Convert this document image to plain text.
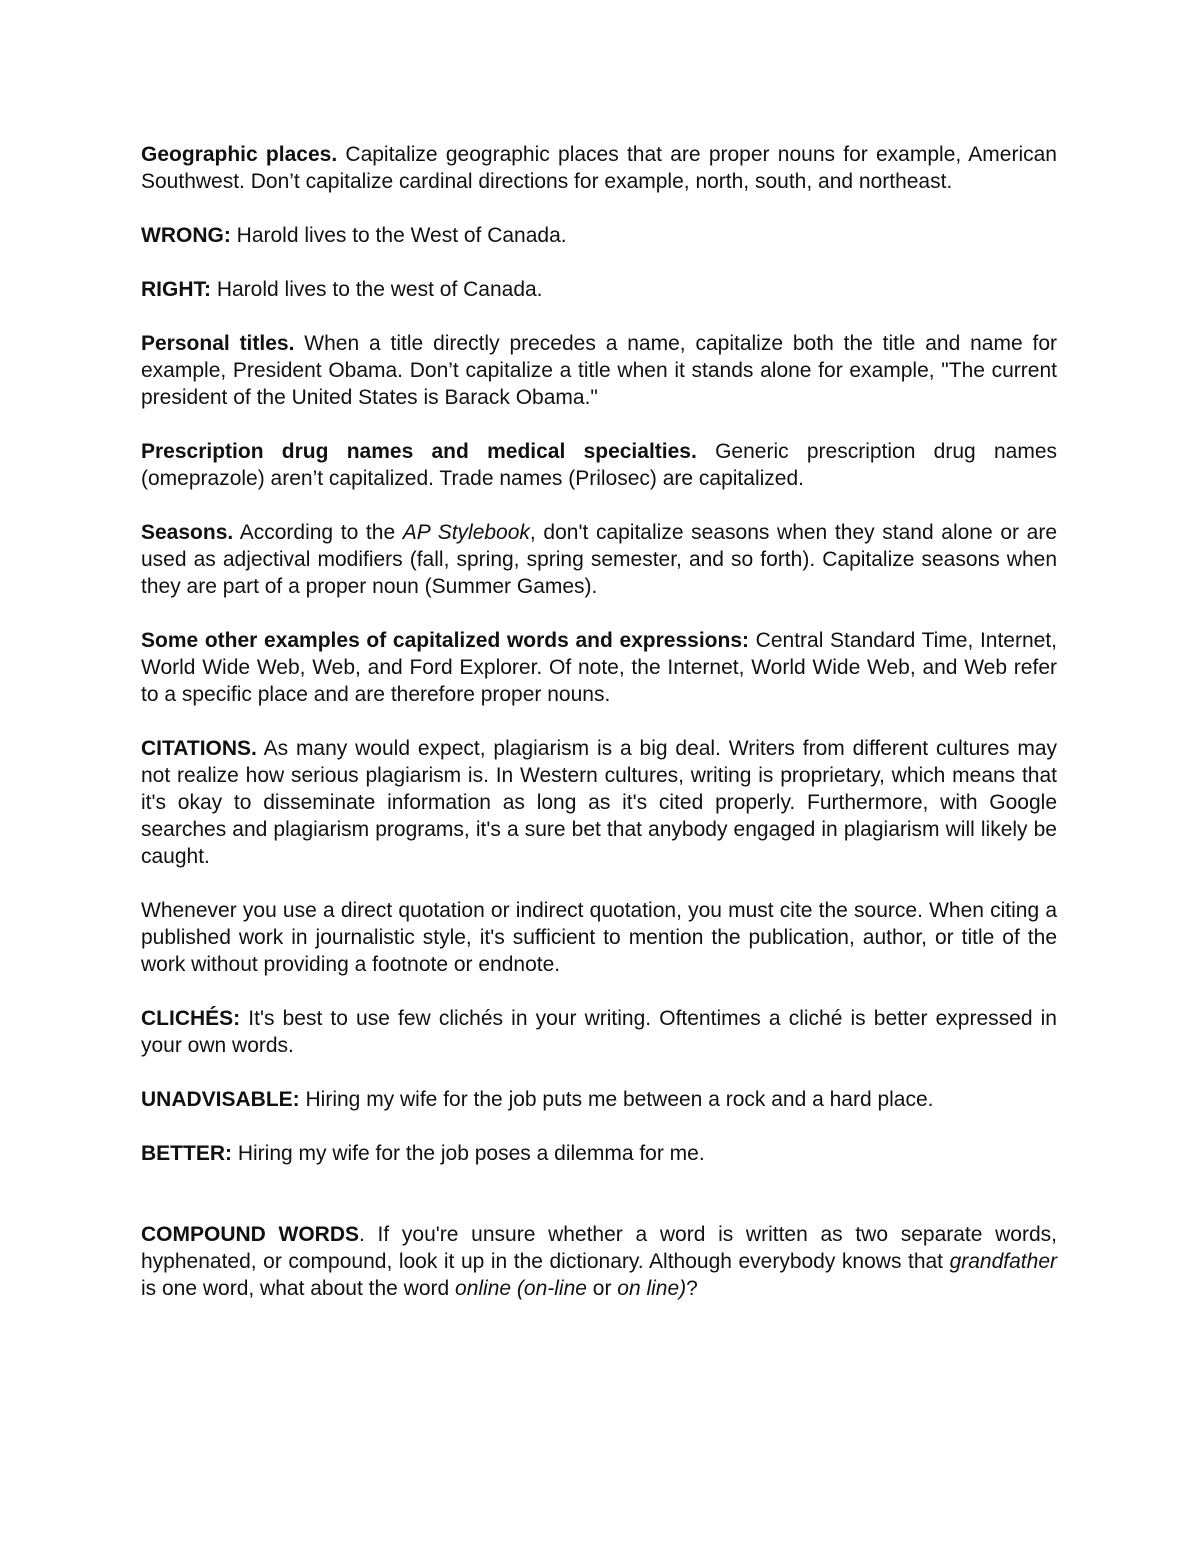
Geographic places. Capitalize geographic places that are proper nouns for example, American Southwest. Don’t capitalize cardinal directions for example, north, south, and northeast.

WRONG: Harold lives to the West of Canada.

RIGHT: Harold lives to the west of Canada.

Personal titles. When a title directly precedes a name, capitalize both the title and name for example, President Obama. Don’t capitalize a title when it stands alone for example, "The current president of the United States is Barack Obama."

Prescription drug names and medical specialties. Generic prescription drug names (omeprazole) aren’t capitalized. Trade names (Prilosec) are capitalized.

Seasons. According to the AP Stylebook, don't capitalize seasons when they stand alone or are used as adjectival modifiers (fall, spring, spring semester, and so forth). Capitalize seasons when they are part of a proper noun (Summer Games).

Some other examples of capitalized words and expressions: Central Standard Time, Internet, World Wide Web, Web, and Ford Explorer. Of note, the Internet, World Wide Web, and Web refer to a specific place and are therefore proper nouns.

CITATIONS. As many would expect, plagiarism is a big deal. Writers from different cultures may not realize how serious plagiarism is. In Western cultures, writing is proprietary, which means that it's okay to disseminate information as long as it's cited properly. Furthermore, with Google searches and plagiarism programs, it's a sure bet that anybody engaged in plagiarism will likely be caught.

Whenever you use a direct quotation or indirect quotation, you must cite the source. When citing a published work in journalistic style, it's sufficient to mention the publication, author, or title of the work without providing a footnote or endnote.

CLICHÉS: It's best to use few clichés in your writing. Oftentimes a cliché is better expressed in your own words.

UNADVISABLE: Hiring my wife for the job puts me between a rock and a hard place.

BETTER: Hiring my wife for the job poses a dilemma for me.

COMPOUND WORDS. If you're unsure whether a word is written as two separate words, hyphenated, or compound, look it up in the dictionary. Although everybody knows that grandfather is one word, what about the word online (on-line or on line)?
